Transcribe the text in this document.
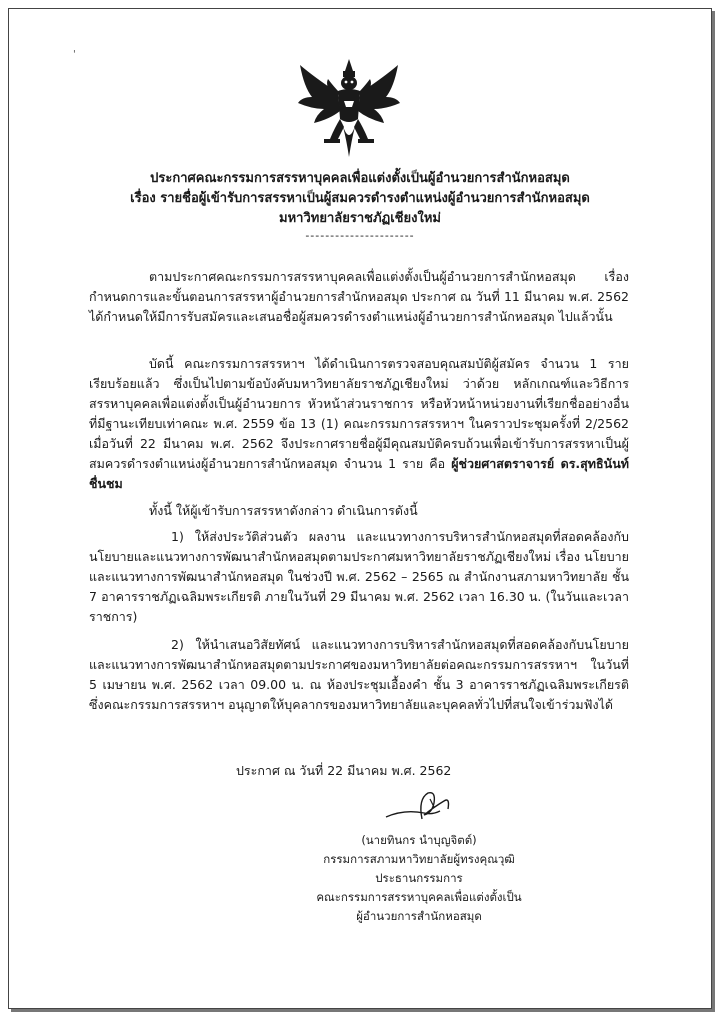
'
ประกาศคณะกรรมการสรรหาบุคคลเพื่อแต่งตั้งเป็นผู้อำนวยการสำนักหอสมุด
เรื่อง รายชื่อผู้เข้ารับการสรรหาเป็นผู้สมควรดำรงตำแหน่งผู้อำนวยการสำนักหอสมุด
มหาวิทยาลัยราชภัฏเชียงใหม่
----------------------
ตามประกาศคณะกรรมการสรรหาบุคคลเพื่อแต่งตั้งเป็นผู้อำนวยการสำนักหอสมุด เรื่อง กำหนดการและขั้นตอนการสรรหาผู้อำนวยการสำนักหอสมุด ประกาศ ณ วันที่ 11 มีนาคม พ.ศ. 2562 ได้กำหนดให้มีการรับสมัครและเสนอชื่อผู้สมควรดำรงตำแหน่งผู้อำนวยการสำนักหอสมุด ไปแล้วนั้น
บัดนี้ คณะกรรมการสรรหาฯ ได้ดำเนินการตรวจสอบคุณสมบัติผู้สมัคร จำนวน 1 ราย เรียบร้อยแล้ว ซึ่งเป็นไปตามข้อบังคับมหาวิทยาลัยราชภัฏเชียงใหม่ ว่าด้วย หลักเกณฑ์และวิธีการสรรหาบุคคลเพื่อแต่งตั้งเป็นผู้อำนวยการ หัวหน้าส่วนราชการ หรือหัวหน้าหน่วยงานที่เรียกชื่ออย่างอื่นที่มีฐานะเทียบเท่าคณะ พ.ศ. 2559 ข้อ 13 (1) คณะกรรมการสรรหาฯ ในคราวประชุมครั้งที่ 2/2562 เมื่อวันที่ 22 มีนาคม พ.ศ. 2562 จึงประกาศรายชื่อผู้มีคุณสมบัติครบถ้วนเพื่อเข้ารับการสรรหาเป็นผู้สมควรดำรงตำแหน่งผู้อำนวยการสำนักหอสมุด จำนวน 1 ราย คือ ผู้ช่วยศาสตราจารย์ ดร.สุทธินันท์ ชื่นชม
ทั้งนี้ ให้ผู้เข้ารับการสรรหาดังกล่าว ดำเนินการดังนี้
1) ให้ส่งประวัติส่วนตัว ผลงาน และแนวทางการบริหารสำนักหอสมุดที่สอดคล้องกับนโยบายและแนวทางการพัฒนาสำนักหอสมุดตามประกาศมหาวิทยาลัยราชภัฏเชียงใหม่ เรื่อง นโยบายและแนวทางการพัฒนาสำนักหอสมุด ในช่วงปี พ.ศ. 2562 – 2565 ณ สำนักงานสภามหาวิทยาลัย ชั้น 7 อาคารราชภัฏเฉลิมพระเกียรติ ภายในวันที่ 29 มีนาคม พ.ศ. 2562 เวลา 16.30 น. (ในวันและเวลาราชการ)
2) ให้นำเสนอวิสัยทัศน์ และแนวทางการบริหารสำนักหอสมุดที่สอดคล้องกับนโยบายและแนวทางการพัฒนาสำนักหอสมุดตามประกาศของมหาวิทยาลัยต่อคณะกรรมการสรรหาฯ ในวันที่ 5 เมษายน พ.ศ. 2562 เวลา 09.00 น. ณ ห้องประชุมเอื้องคำ ชั้น 3 อาคารราชภัฏเฉลิมพระเกียรติ ซึ่งคณะกรรมการสรรหาฯ อนุญาตให้บุคลากรของมหาวิทยาลัยและบุคคลทั่วไปที่สนใจเข้าร่วมฟังได้
ประกาศ ณ วันที่ 22 มีนาคม พ.ศ. 2562
(นายทินกร นำบุญจิตต์)
กรรมการสภามหาวิทยาลัยผู้ทรงคุณวุฒิ
ประธานกรรมการ
คณะกรรมการสรรหาบุคคลเพื่อแต่งตั้งเป็น
ผู้อำนวยการสำนักหอสมุด
